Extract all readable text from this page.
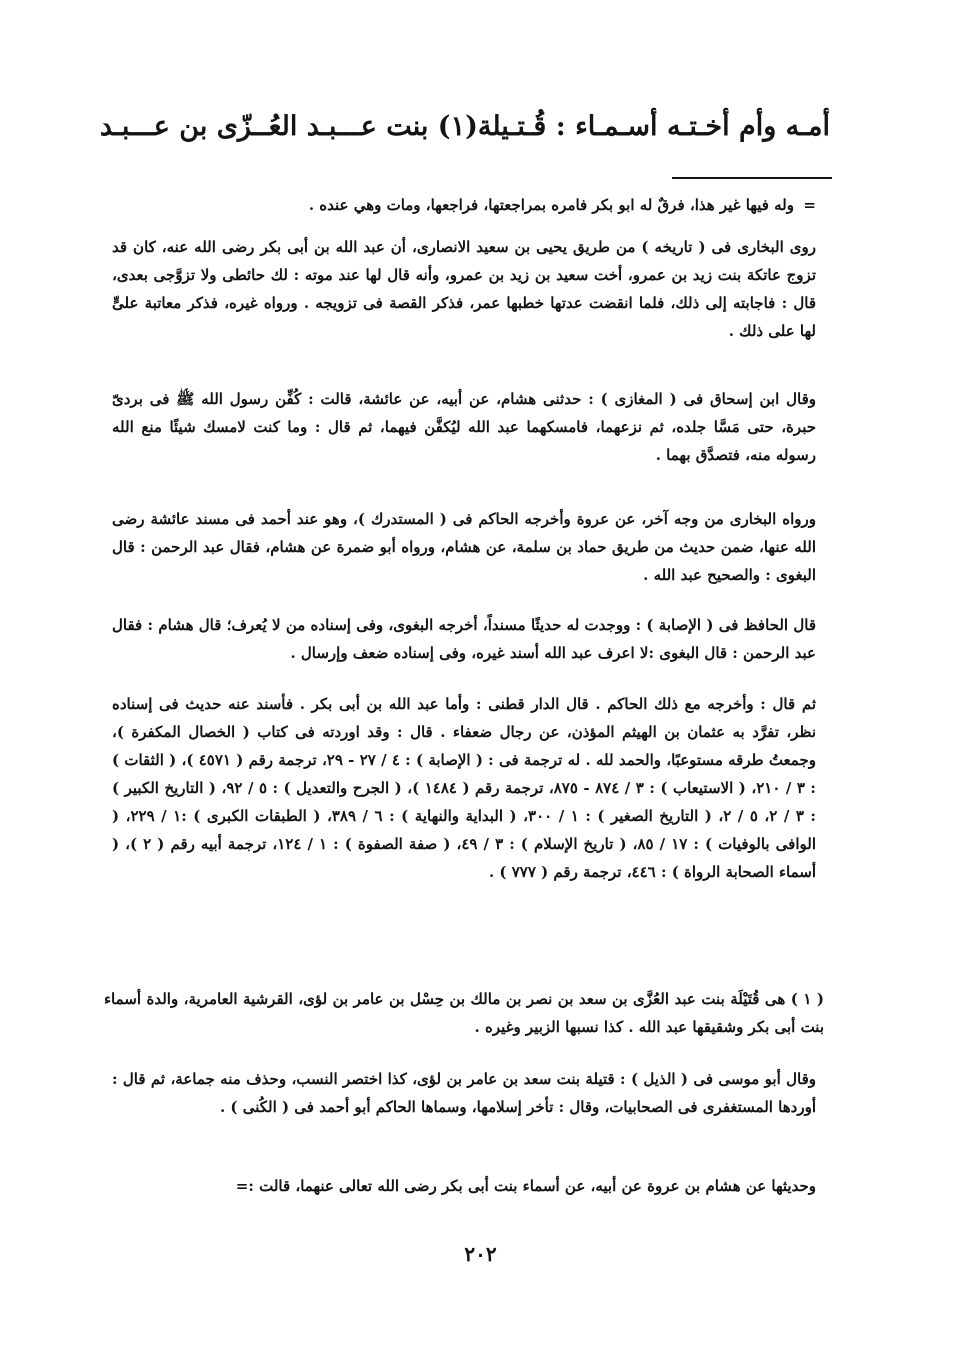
أمـه وأم أخـتـه أسـمـاء : قُـتـيلة(١) بنت عـــبـد العُــزّى بن عـــبـد

=
وله فيها غير هذا، فرقٌ له ابو بكر فامره بمراجعتها، فراجعها، ومات وهي عنده .

روى البخارى فى ( تاريخه ) من طريق يحيى بن سعيد الانصارى، أن عبد الله بن أبى بكر رضى الله عنه، كان قد تزوج عاتكة بنت زيد بن عمرو، أخت سعيد بن زيد بن عمرو، وأنه قال لها عند موته : لك حائطى ولا تزوَّجى بعدى، قال : فاجابته إلى ذلك، فلما انقضت عدتها خطبها عمر، فذكر القصة فى تزويجه . ورواه غيره، فذكر معاتبة علىٍّ لها على ذلك .

وقال ابن إسحاق فى ( المغازى ) : حدثنى هشام، عن أبيه، عن عائشة، قالت : كُفِّن رسول الله ﷺ فى بردىّ حبرة، حتى مَسَّا جلده، ثم نزعهما، فامسكهما عبد الله ليُكفَّن فيهما، ثم قال : وما كنت لامسك شيئًا منع الله رسوله منه، فتصدَّق بهما .

ورواه البخارى من وجه آخر، عن عروة وأخرجه الحاكم فى ( المستدرك )، وهو عند أحمد فى مسند عائشة رضى الله عنها، ضمن حديث من طريق حماد بن سلمة، عن هشام، ورواه أبو ضمرة عن هشام، فقال عبد الرحمن : قال البغوى : والصحيح عبد الله .

قال الحافظ فى ( الإصابة ) : ووجدت له حديثًا مسنداً، أخرجه البغوى، وفى إسناده من لا يُعرف؛ قال هشام : فقال عبد الرحمن : قال البغوى :لا اعرف عبد الله أسند غيره، وفى إسناده ضعف وإرسال .

ثم قال : وأخرجه مع ذلك الحاكم . قال الدار قطنى : وأما عبد الله بن أبى بكر . فأسند عنه حديث فى إسناده نظر، تفرَّد به عثمان بن الهيثم المؤذن، عن رجال ضعفاء . قال : وقد اوردته فى كتاب ( الخصال المكفرة )، وجمعتُ طرقه مستوعبًا، والحمد لله . له ترجمة فى : ( الإصابة ) : ٤ / ٢٧ - ٢٩، ترجمة رقم ( ٤٥٧١ )، ( الثقات ) : ٣ / ٢١٠، ( الاستيعاب ) : ٣ / ٨٧٤ - ٨٧٥، ترجمة رقم ( ١٤٨٤ )، ( الجرح والتعديل ) : ٥ / ٩٢، ( التاريخ الكبير ) : ٣ / ٢، ٥ / ٢، ( التاريخ الصغير ) : ١ / ٣٠٠، ( البداية والنهاية ) : ٦ / ٣٨٩، ( الطبقات الكبرى ) :١ / ٢٢٩، ( الوافى بالوفيات ) : ١٧ / ٨٥، ( تاريخ الإسلام ) : ٣ / ٤٩، ( صفة الصفوة ) : ١ / ١٢٤، ترجمة أبيه رقم ( ٢ )، ( أسماء الصحابة الرواة ) : ٤٤٦، ترجمة رقم ( ٧٧٧ ) .

( ١ ) هى قُتَيْلَة بنت عبد العُزَّى بن سعد بن نصر بن مالك بن حِسْل بن عامر بن لؤى، القرشية العامرية، والدة أسماء بنت أبى بكر وشقيقها عبد الله . كذا نسبها الزبير وغيره .

وقال أبو موسى فى ( الذيل ) : قتيلة بنت سعد بن عامر بن لؤى، كذا اختصر النسب، وحذف منه جماعة، ثم قال : أوردها المستغفرى فى الصحابيات، وقال : تأخر إسلامها، وسماها الحاكم أبو أحمد فى ( الكُنى ) .

وحديثها عن هشام بن عروة عن أبيه، عن أسماء بنت أبى بكر رضى الله تعالى عنهما، قالت :=

٢٠٢
